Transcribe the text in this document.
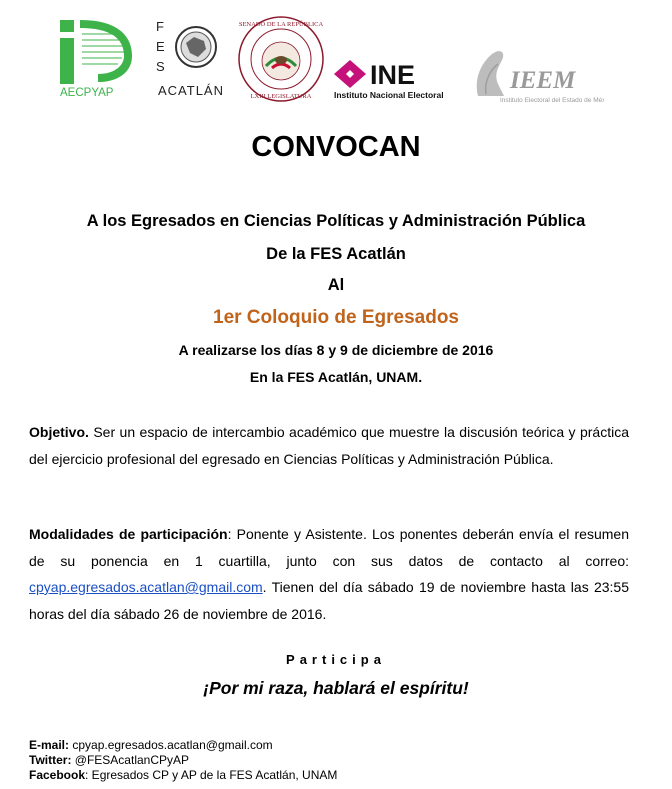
AECPYAP
F
E
S
ACATLÁN
SENADO DE LA REPÚBLICA
LXIII LEGISLATURA
INE
Instituto Nacional Electoral
IEEM
Instituto Electoral del Estado de México
CONVOCAN
A los Egresados en Ciencias Políticas y Administración Pública
De la FES Acatlán
Al
1er Coloquio de Egresados
A realizarse los días 8 y 9 de diciembre de 2016
En la FES Acatlán, UNAM.
Objetivo. Ser un espacio de intercambio académico que muestre la discusión teórica y práctica del ejercicio profesional del egresado en Ciencias Políticas y Administración Pública.
Modalidades de participación: Ponente y Asistente. Los ponentes deberán envía el resumen de su ponencia en 1 cuartilla, junto con sus datos de contacto al correo: cpyap.egresados.acatlan@gmail.com. Tienen del día sábado 19 de noviembre hasta las 23:55 horas del día sábado 26 de noviembre de 2016.
Participa
¡Por mi raza, hablará el espíritu!
E-mail: cpyap.egresados.acatlan@gmail.com
Twitter: @FESAcatlanCPyAP
Facebook: Egresados CP y AP de la FES Acatlán, UNAM
